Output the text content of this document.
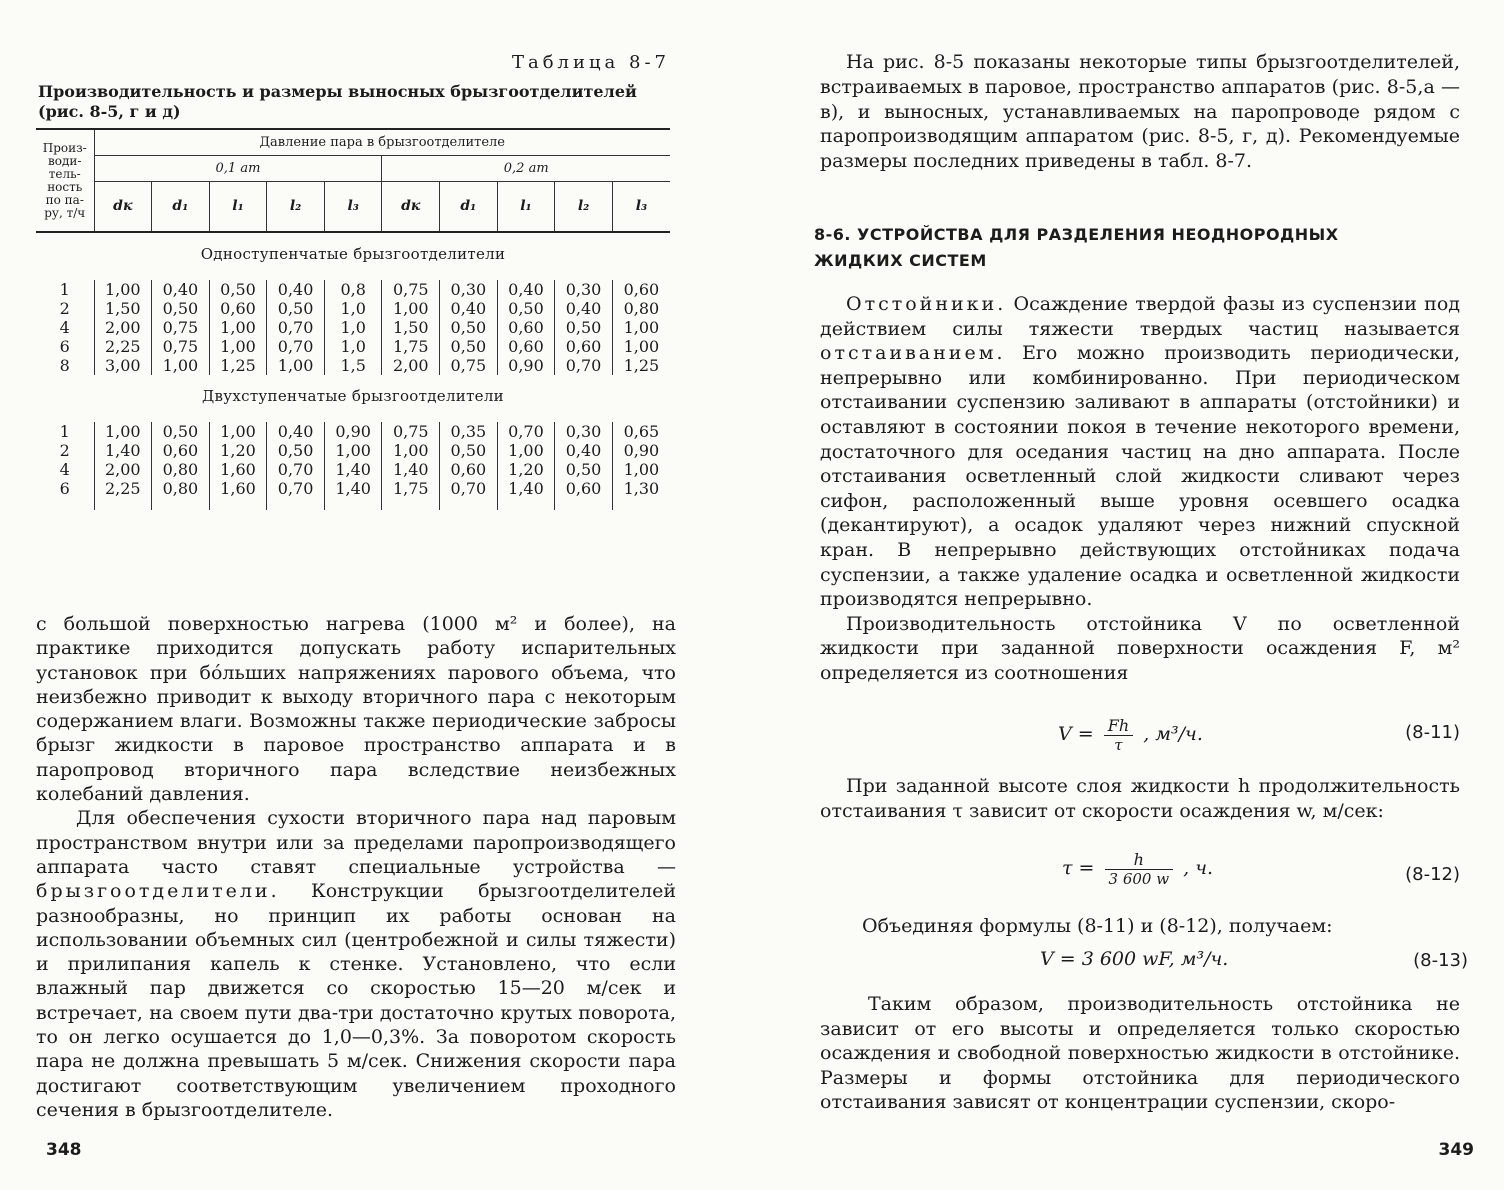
Таблица 8-7
Производительность и размеры выносных брызгоотделителей (рис. 8-5, г и д)
Произ-води-тель-ность по па-ру, т/ч	Давление пара в брызгоотделителе									
	0,1 ат					0,2 ат				
	dк	d₁	l₁	l₂	l₃	dк	d₁	l₁	l₂	l₃
Одноступенчатые брызгоотделители										
1	1,00	0,40	0,50	0,40	0,8	0,75	0,30	0,40	0,30	0,60
2	1,50	0,50	0,60	0,50	1,0	1,00	0,40	0,50	0,40	0,80
4	2,00	0,75	1,00	0,70	1,0	1,50	0,50	0,60	0,50	1,00
6	2,25	0,75	1,00	0,70	1,0	1,75	0,50	0,60	0,60	1,00
8	3,00	1,00	1,25	1,00	1,5	2,00	0,75	0,90	0,70	1,25
Двухступенчатые брызгоотделители										
1	1,00	0,50	1,00	0,40	0,90	0,75	0,35	0,70	0,30	0,65
2	1,40	0,60	1,20	0,50	1,00	1,00	0,50	1,00	0,40	0,90
4	2,00	0,80	1,60	0,70	1,40	1,40	0,60	1,20	0,50	1,00
6	2,25	0,80	1,60	0,70	1,40	1,75	0,70	1,40	0,60	1,30

с большой поверхностью нагрева (1000 м² и более), на практике приходится допускать работу испарительных установок при бо́льших напряжениях парового объема, что неизбежно приводит к выходу вторичного пара с некоторым содержанием влаги. Возможны также периодические забросы брызг жидкости в паровое пространство аппарата и в паропровод вторичного пара вследствие неизбежных колебаний давления.

Для обеспечения сухости вторичного пара над паровым пространством внутри или за пределами паропроизводящего аппарата часто ставят специальные устройства — брызгоотделители. Конструкции брызгоотделителей разнообразны, но принцип их работы основан на использовании объемных сил (центробежной и силы тяжести) и прилипания капель к стенке. Установлено, что если влажный пар движется со скоростью 15—20 м/сек и встречает, на своем пути два-три достаточно крутых поворота, то он легко осушается до 1,0—0,3%. За поворотом скорость пара не должна превышать 5 м/сек. Снижения скорости пара достигают соответствующим увеличением проходного сечения в брызгоотделителе.

348

На рис. 8-5 показаны некоторые типы брызгоотделителей, встраиваемых в паровое, пространство аппаратов (рис. 8-5,а — в), и выносных, устанавливаемых на паропроводе рядом с паропроизводящим аппаратом (рис. 8-5, г, д). Рекомендуемые размеры последних приведены в табл. 8-7.

8-6. УСТРОЙСТВА ДЛЯ РАЗДЕЛЕНИЯ НЕОДНОРОДНЫХ
ЖИДКИХ СИСТЕМ

Отстойники. Осаждение твердой фазы из суспензии под действием силы тяжести твердых частиц называется отстаиванием. Его можно производить периодически, непрерывно или комбинированно. При периодическом отстаивании суспензию заливают в аппараты (отстойники) и оставляют в состоянии покоя в течение некоторого времени, достаточного для оседания частиц на дно аппарата. После отстаивания осветленный слой жидкости сливают через сифон, расположенный выше уровня осевшего осадка (декантируют), а осадок удаляют через нижний спускной кран. В непрерывно действующих отстойниках подача суспензии, а также удаление осадка и осветленной жидкости производятся непрерывно.

Производительность отстойника V по осветленной жидкости при заданной поверхности осаждения F, м² определяется из соотношения

$V = \frac{Fh}{\tau}$ , м³/ч.	(8-11)

При заданной высоте слоя жидкости h продолжительность отстаивания τ зависит от скорости осаждения w, м/сек:

$\tau = \frac{h}{3 600 w}$ , ч.	(8-12)

Объединяя формулы (8-11) и (8-12), получаем:

V = 3 600 wF, м³/ч.	(8-13)

Таким образом, производительность отстойника не зависит от его высоты и определяется только скоростью осаждения и свободной поверхностью жидкости в отстойнике. Размеры и формы отстойника для периодического отстаивания зависят от концентрации суспензии, скоро-

349
